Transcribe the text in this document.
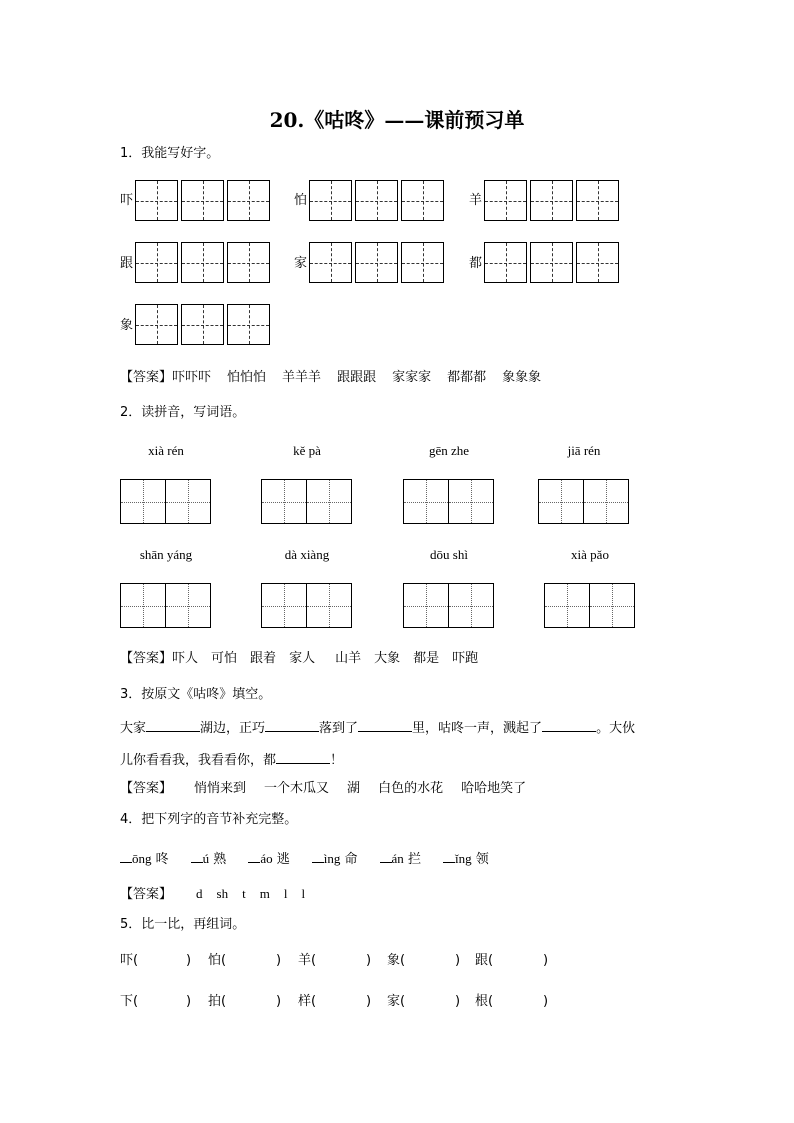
20.《咕咚》——课前预习单
1．我能写好字。
吓	怕	羊
跟	家	都
象
【答案】吓吓吓 怕怕怕 羊羊羊 跟跟跟 家家家 都都都 象象象
2．读拼音，写词语。
xià rén	kě pà	gēn zhe	jiā rén
shān yáng	dà xiàng	dōu shì	xià pǎo
【答案】吓人 可怕 跟着 家人 山羊 大象 都是 吓跑
3．按原文《咕咚》填空。
大家	湖边，正巧	落到了	里，咕咚一声，溅起了	。大伙
儿你看看我，我看看你，都	！
【答案】 悄悄来到 一个木瓜又 湖 白色的水花 哈哈地笑了
4．把下列字的音节补充完整。
ōng 咚	ú 熟	áo 逃	ìng 命	án 拦	ǐng 领
【答案】 d sh t m l l
5．比一比，再组词。
吓(	) 怕(	) 羊(	) 象(	) 跟(	)
下(	) 拍(	) 样(	) 家(	) 根(	)
